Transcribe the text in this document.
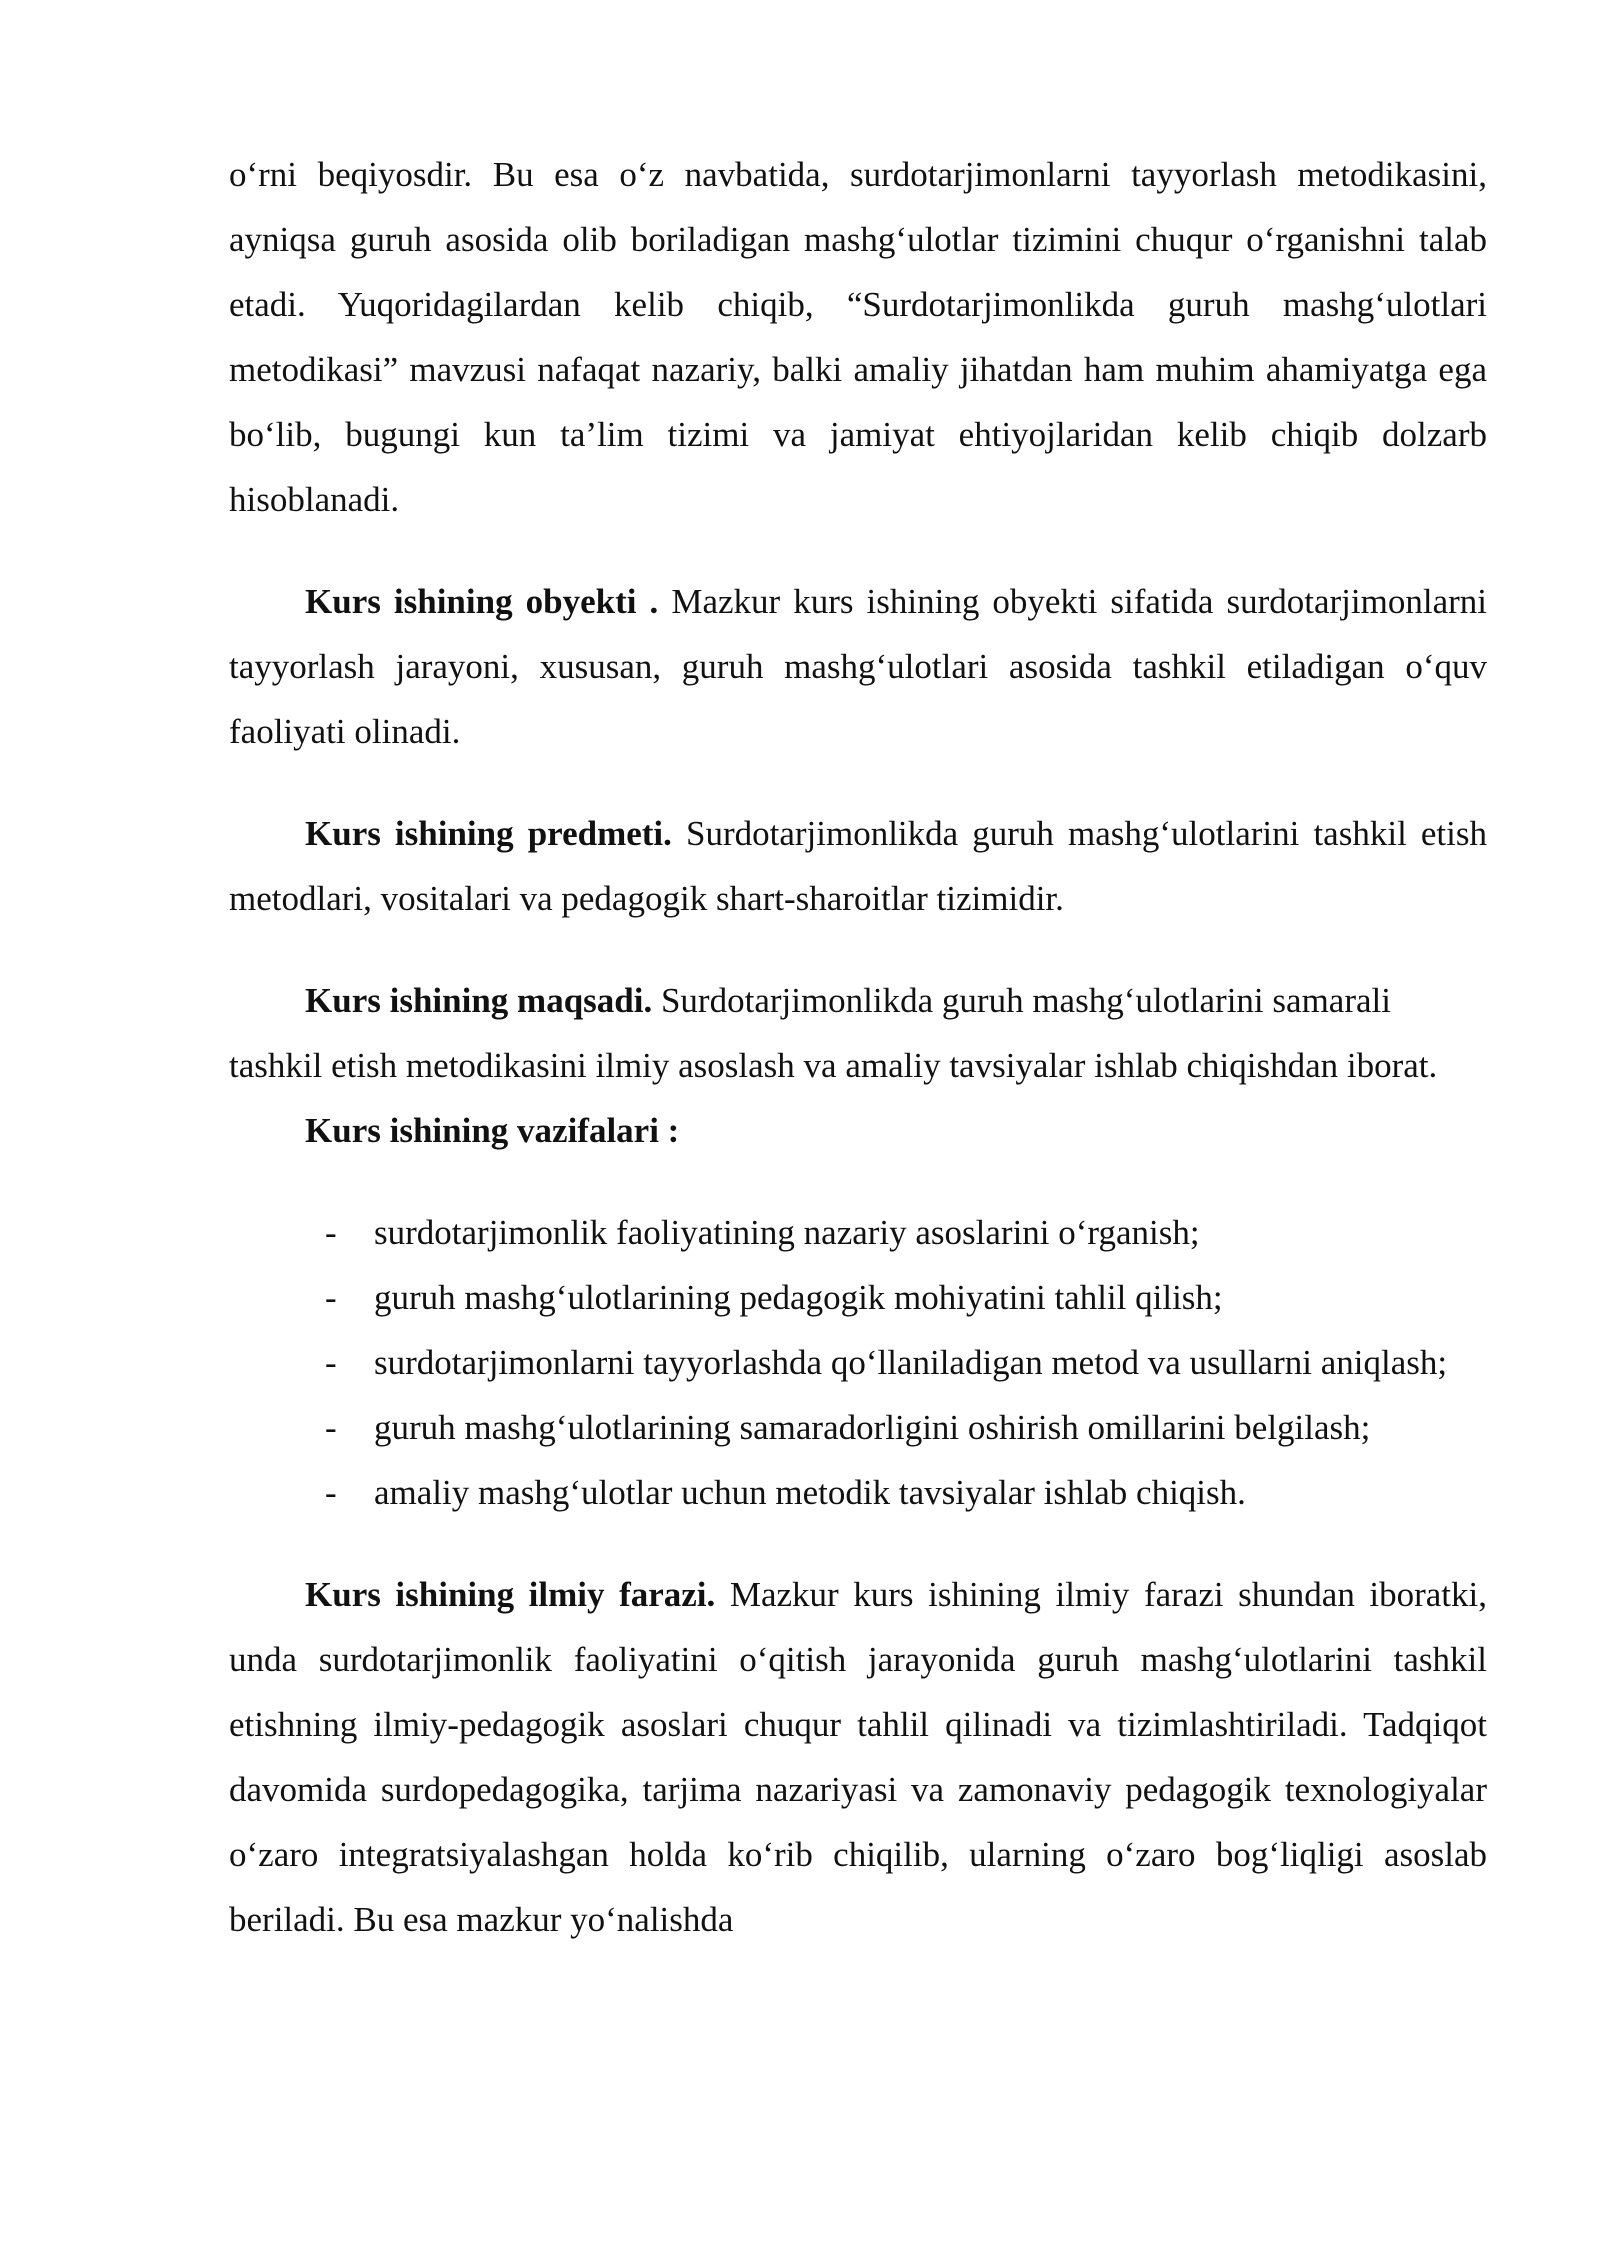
o‘rni beqiyosdir. Bu esa o‘z navbatida, surdotarjimonlarni tayyorlash metodikasini, ayniqsa guruh asosida olib boriladigan mashg‘ulotlar tizimini chuqur o‘rganishni talab etadi. Yuqoridagilardan kelib chiqib, “Surdotarjimonlikda guruh mashg‘ulotlari metodikasi” mavzusi nafaqat nazariy, balki amaliy jihatdan ham muhim ahamiyatga ega bo‘lib, bugungi kun ta’lim tizimi va jamiyat ehtiyojlaridan kelib chiqib dolzarb hisoblanadi.

Kurs ishining obyekti . Mazkur kurs ishining obyekti sifatida surdotarjimonlarni tayyorlash jarayoni, xususan, guruh mashg‘ulotlari asosida tashkil etiladigan o‘quv faoliyati olinadi.

Kurs ishining predmeti. Surdotarjimonlikda guruh mashg‘ulotlarini tashkil etish metodlari, vositalari va pedagogik shart-sharoitlar tizimidir.

Kurs ishining maqsadi. Surdotarjimonlikda guruh mashg‘ulotlarini samarali tashkil etish metodikasini ilmiy asoslash va amaliy tavsiyalar ishlab chiqishdan iborat.

Kurs ishining vazifalari :

- surdotarjimonlik faoliyatining nazariy asoslarini o‘rganish;
- guruh mashg‘ulotlarining pedagogik mohiyatini tahlil qilish;
- surdotarjimonlarni tayyorlashda qo‘llaniladigan metod va usullarni aniqlash;
- guruh mashg‘ulotlarining samaradorligini oshirish omillarini belgilash;
- amaliy mashg‘ulotlar uchun metodik tavsiyalar ishlab chiqish.

Kurs ishining ilmiy farazi. Mazkur kurs ishining ilmiy farazi shundan iboratki, unda surdotarjimonlik faoliyatini o‘qitish jarayonida guruh mashg‘ulotlarini tashkil etishning ilmiy-pedagogik asoslari chuqur tahlil qilinadi va tizimlashtiriladi. Tadqiqot davomida surdopedagogika, tarjima nazariyasi va zamonaviy pedagogik texnologiyalar o‘zaro integratsiyalashgan holda ko‘rib chiqilib, ularning o‘zaro bog‘liqligi asoslab beriladi. Bu esa mazkur yo‘nalishda
